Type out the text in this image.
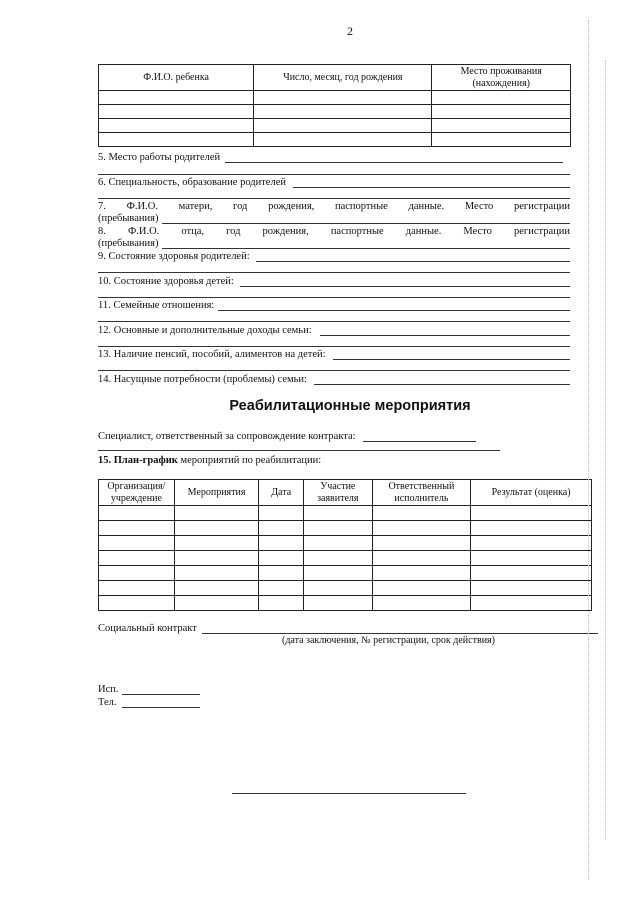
2
Ф.И.О. ребенка	Число, месяц, год рождения	Место проживания (нахождения)

5. Место работы родителей
6. Специальность, образование родителей
7. Ф.И.О. матери, год рождения, паспортные данные. Место регистрации
(пребывания)
8. Ф.И.О. отца, год рождения, паспортные данные. Место регистрации
(пребывания)
9. Состояние здоровья родителей:
10. Состояние здоровья детей:
11. Семейные отношения:
12. Основные и дополнительные доходы семьи:
13. Наличие пенсий, пособий, алиментов на детей:
14. Насущные потребности (проблемы) семьи:
Реабилитационные мероприятия
Специалист, ответственный за сопровождение контракта:
15. План-график мероприятий по реабилитации:
Организация/ учреждение	Мероприятия	Дата	Участие заявителя	Ответственный исполнитель	Результат (оценка)

Социальный контракт
(дата заключения, № регистрации, срок действия)
Исп.
Тел.
